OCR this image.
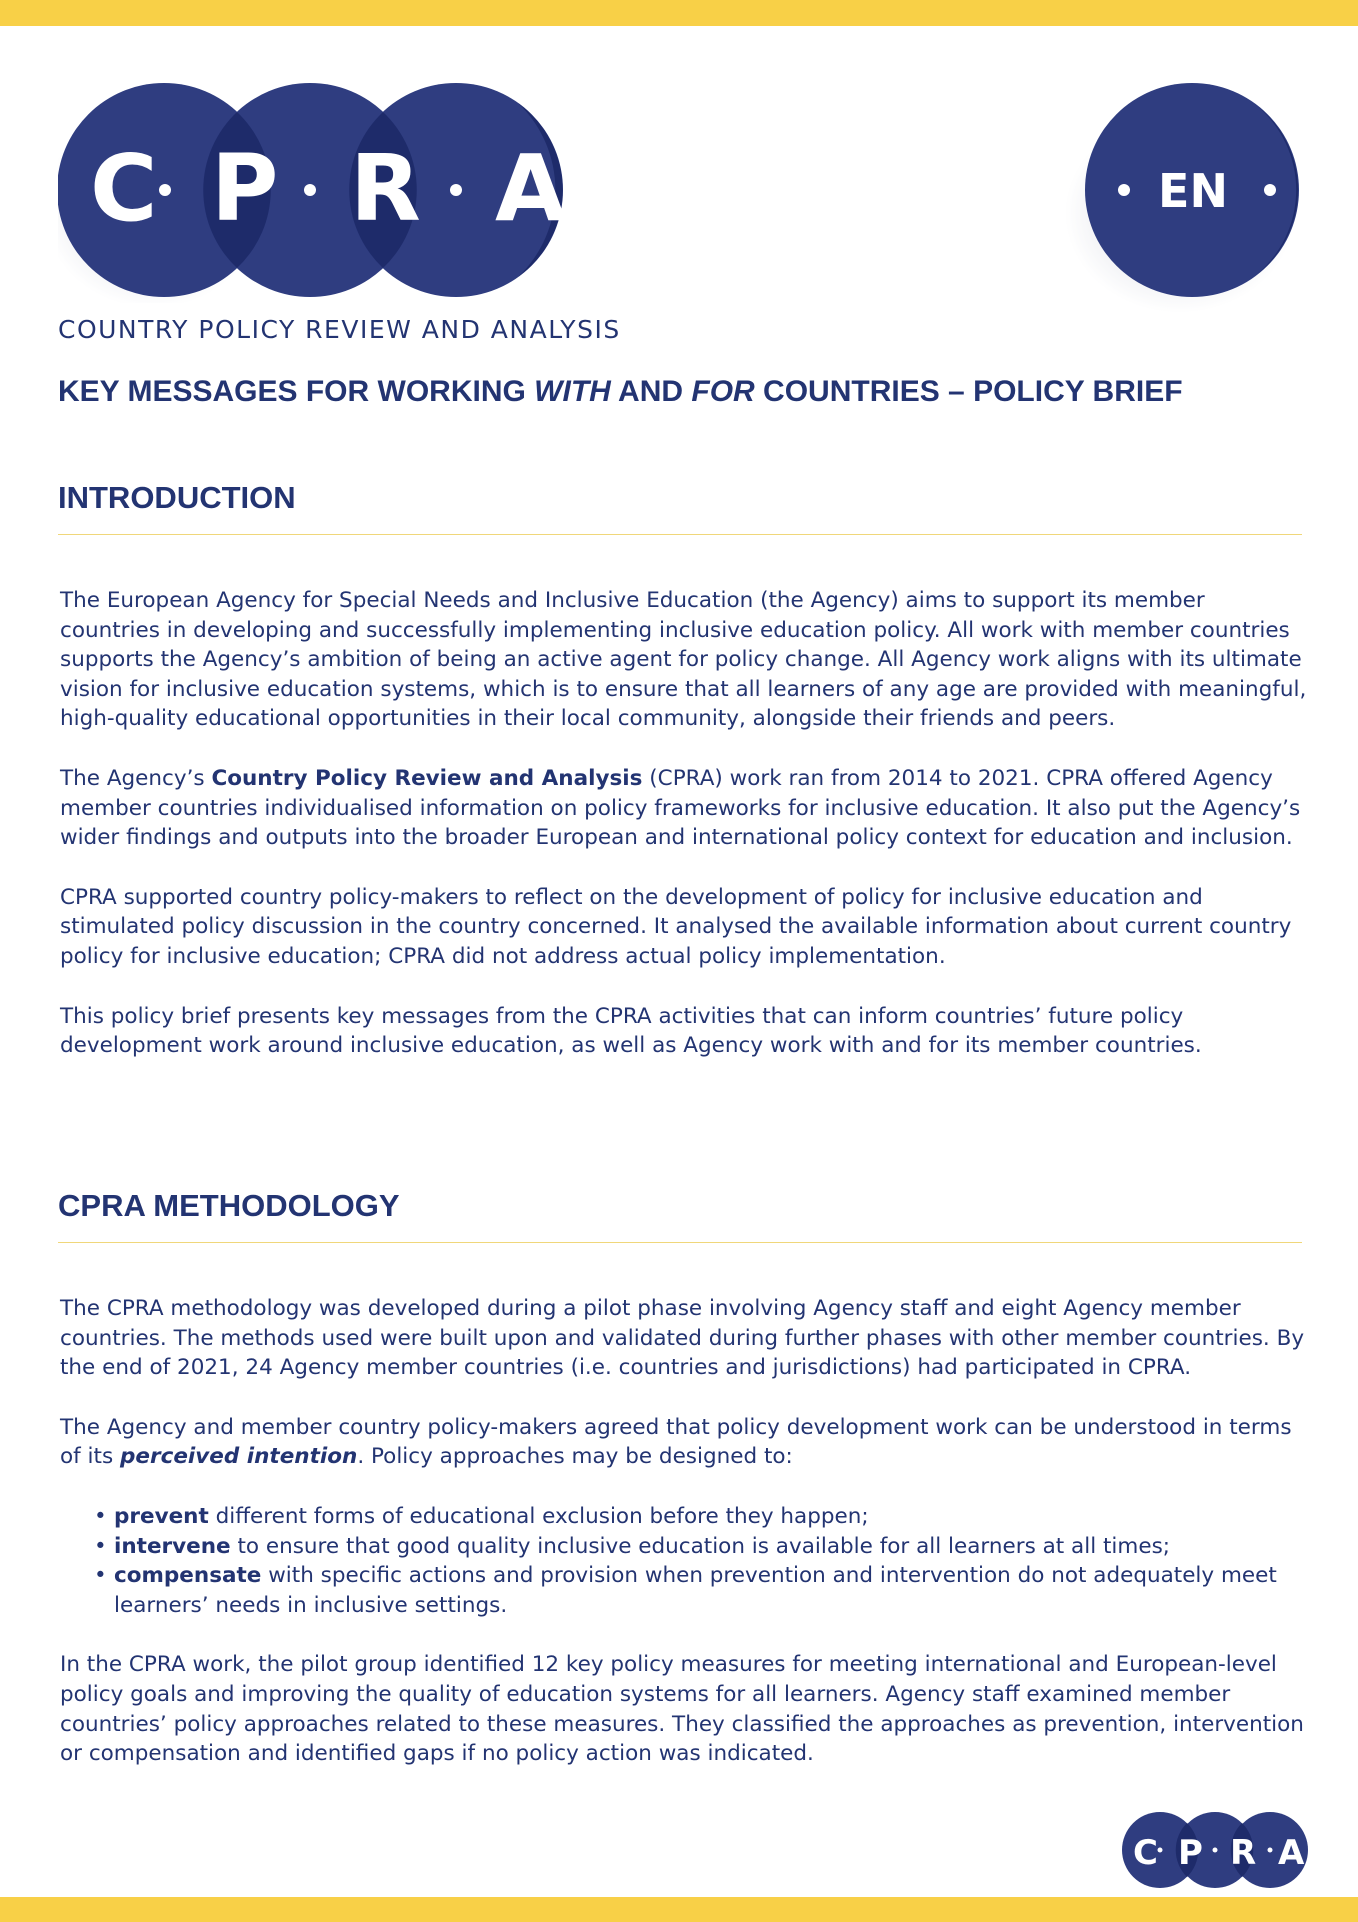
C P R A
COUNTRY POLICY REVIEW AND ANALYSIS
EN
KEY MESSAGES FOR WORKING WITH AND FOR COUNTRIES – POLICY BRIEF
INTRODUCTION

The European Agency for Special Needs and Inclusive Education (the Agency) aims to support its member countries in developing and successfully implementing inclusive education policy. All work with member countries supports the Agency’s ambition of being an active agent for policy change. All Agency work aligns with its ultimate vision for inclusive education systems, which is to ensure that all learners of any age are provided with meaningful, high-quality educational opportunities in their local community, alongside their friends and peers.

The Agency’s Country Policy Review and Analysis (CPRA) work ran from 2014 to 2021. CPRA offered Agency member countries individualised information on policy frameworks for inclusive education. It also put the Agency’s wider findings and outputs into the broader European and international policy context for education and inclusion.

CPRA supported country policy-makers to reflect on the development of policy for inclusive education and stimulated policy discussion in the country concerned. It analysed the available information about current country policy for inclusive education; CPRA did not address actual policy implementation.

This policy brief presents key messages from the CPRA activities that can inform countries’ future policy development work around inclusive education, as well as Agency work with and for its member countries.

CPRA METHODOLOGY

The CPRA methodology was developed during a pilot phase involving Agency staff and eight Agency member countries. The methods used were built upon and validated during further phases with other member countries. By the end of 2021, 24 Agency member countries (i.e. countries and jurisdictions) had participated in CPRA.

The Agency and member country policy-makers agreed that policy development work can be understood in terms of its perceived intention. Policy approaches may be designed to:

• prevent different forms of educational exclusion before they happen;
• intervene to ensure that good quality inclusive education is available for all learners at all times;
• compensate with specific actions and provision when prevention and intervention do not adequately meet learners’ needs in inclusive settings.

In the CPRA work, the pilot group identified 12 key policy measures for meeting international and European-level policy goals and improving the quality of education systems for all learners. Agency staff examined member countries’ policy approaches related to these measures. They classified the approaches as prevention, intervention or compensation and identified gaps if no policy action was indicated.

C P R A
